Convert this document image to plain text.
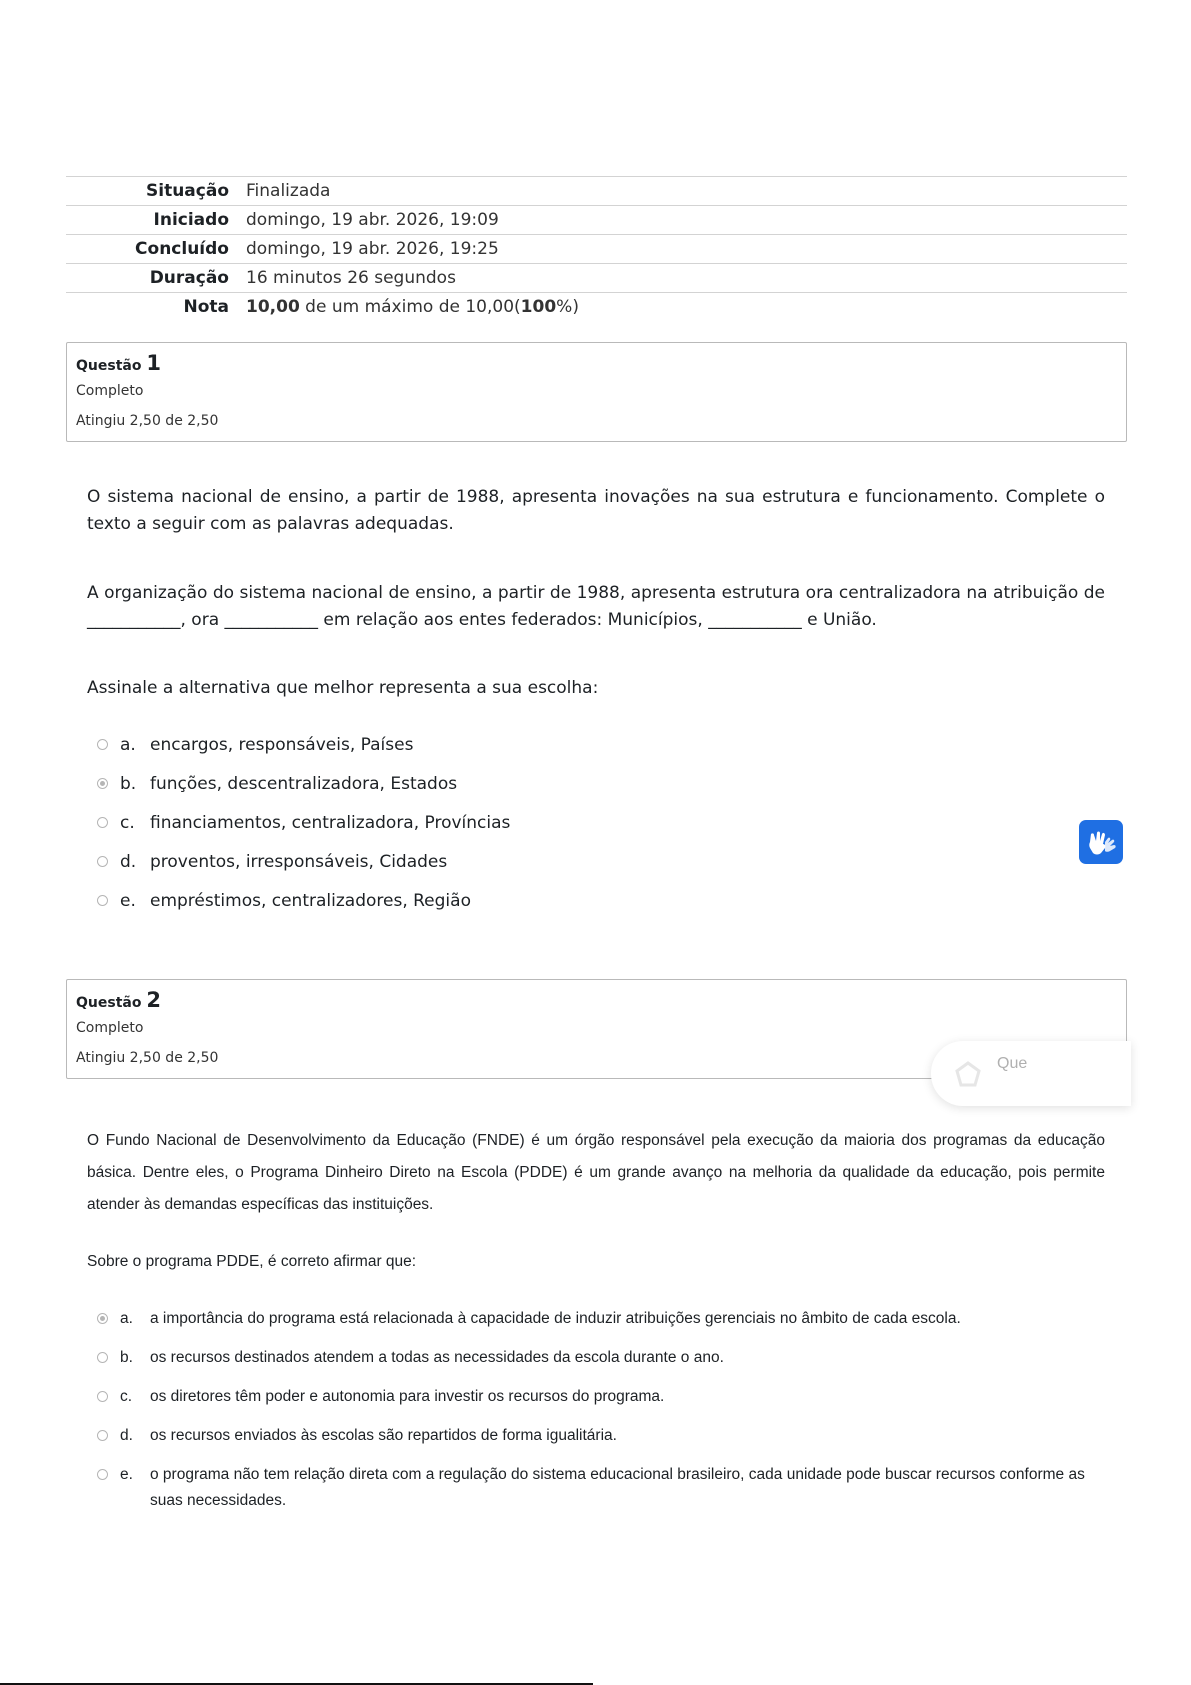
Situação	Finalizada
Iniciado	domingo, 19 abr. 2026, 19:09
Concluído	domingo, 19 abr. 2026, 19:25
Duração	16 minutos 26 segundos
Nota	10,00 de um máximo de 10,00(100%)
Questão 1
Completo
Atingiu 2,50 de 2,50

O sistema nacional de ensino, a partir de 1988, apresenta inovações na sua estrutura e funcionamento. Complete o texto a seguir com as palavras adequadas.

A organização do sistema nacional de ensino, a partir de 1988, apresenta estrutura ora centralizadora na atribuição de ___________, ora ___________ em relação aos entes federados: Municípios, ___________ e União.

Assinale a alternativa que melhor representa a sua escolha:

a. encargos, responsáveis, Países
b. funções, descentralizadora, Estados
c. financiamentos, centralizadora, Províncias
d. proventos, irresponsáveis, Cidades
e. empréstimos, centralizadores, Região
Questão 2
Completo
Atingiu 2,50 de 2,50	Que

O Fundo Nacional de Desenvolvimento da Educação (FNDE) é um órgão responsável pela execução da maioria dos programas da educação básica. Dentre eles, o Programa Dinheiro Direto na Escola (PDDE) é um grande avanço na melhoria da qualidade da educação, pois permite atender às demandas específicas das instituições.

Sobre o programa PDDE, é correto afirmar que:

a. a importância do programa está relacionada à capacidade de induzir atribuições gerenciais no âmbito de cada escola.
b. os recursos destinados atendem a todas as necessidades da escola durante o ano.
c. os diretores têm poder e autonomia para investir os recursos do programa.
d. os recursos enviados às escolas são repartidos de forma igualitária.
e. o programa não tem relação direta com a regulação do sistema educacional brasileiro, cada unidade pode buscar recursos conforme as suas necessidades.
